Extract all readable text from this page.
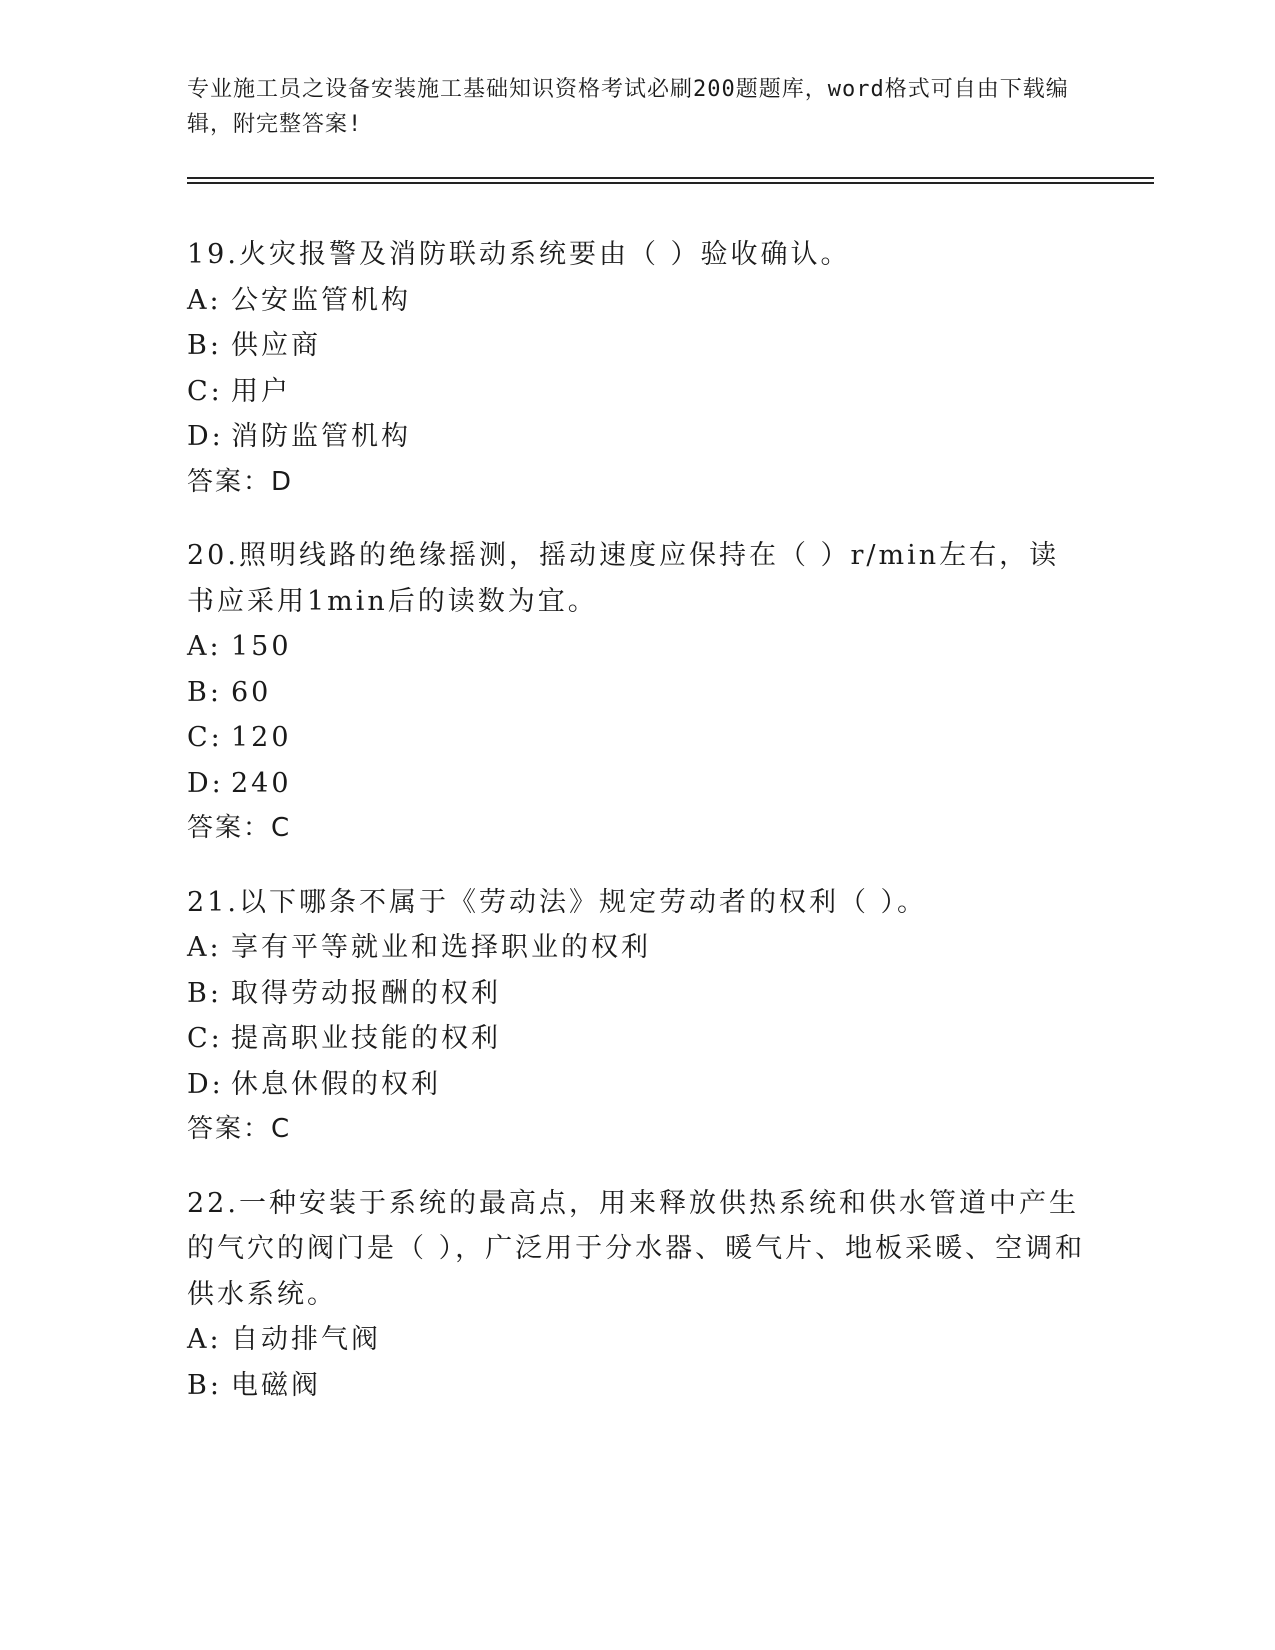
专业施工员之设备安装施工基础知识资格考试必刷200题题库，word格式可自由下载编辑，附完整答案!
19.火灾报警及消防联动系统要由（ ）验收确认。
A: 公安监管机构
B: 供应商
C: 用户
D: 消防监管机构
答案：D
20.照明线路的绝缘摇测，摇动速度应保持在（ ）r/min左右，读书应采用1min后的读数为宜。
A: 150
B: 60
C: 120
D: 240
答案：C
21.以下哪条不属于《劳动法》规定劳动者的权利（ ）。
A: 享有平等就业和选择职业的权利
B: 取得劳动报酬的权利
C: 提高职业技能的权利
D: 休息休假的权利
答案：C
22.一种安装于系统的最高点，用来释放供热系统和供水管道中产生的气穴的阀门是（ ），广泛用于分水器、暖气片、地板采暖、空调和供水系统。
A: 自动排气阀
B: 电磁阀
